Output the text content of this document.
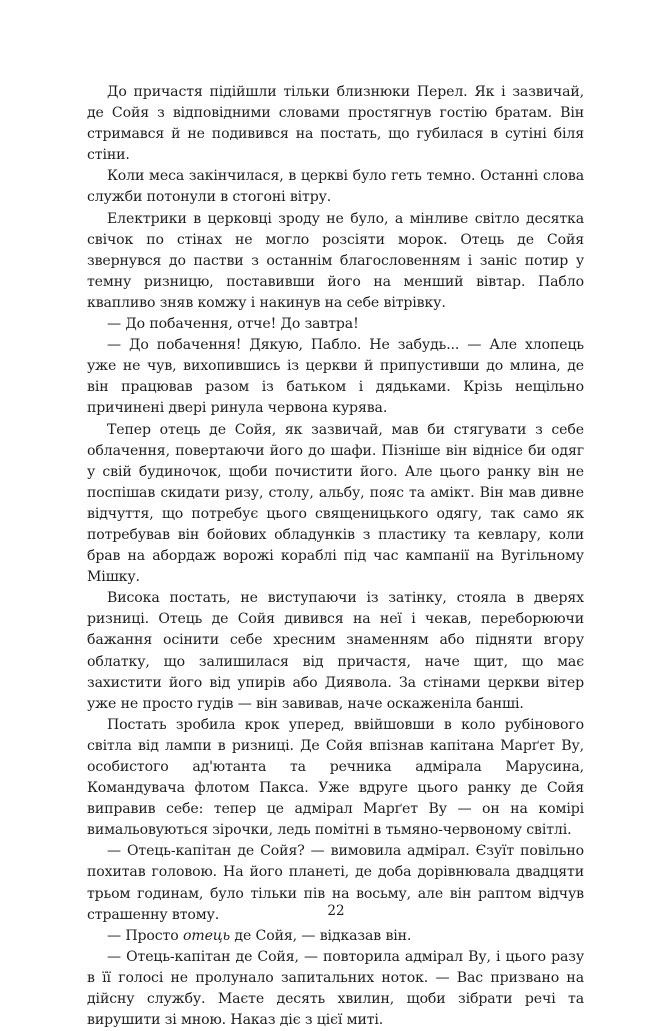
До причастя підійшли тільки близнюки Перел. Як і зазвичай, де Сойя з відповідними словами простягнув гостію братам. Він стримався й не подивився на постать, що губилася в сутіні біля стіни.

Коли меса закінчилася, в церкві було геть темно. Останні слова служби потонули в стогоні вітру.

Електрики в церковці зроду не було, а мінливе світло десятка свічок по стінах не могло розсіяти морок. Отець де Сойя звернувся до пастви з останнім благословенням і заніс потир у темну ризницю, поставивши його на менший вівтар. Пабло квапливо зняв комжу і накинув на себе вітрівку.

— До побачення, отче! До завтра!

— До побачення! Дякую, Пабло. Не забудь... — Але хлопець уже не чув, вихопившись із церкви й припустивши до млина, де він працював разом із батьком і дядьками. Крізь нещільно причинені двері ринула червона курява.

Тепер отець де Сойя, як зазвичай, мав би стягувати з себе облачення, повертаючи його до шафи. Пізніше він віднісе би одяг у свій будиночок, щоби почистити його. Але цього ранку він не поспішав скидати ризу, столу, альбу, пояс та амікт. Він мав дивне відчуття, що потребує цього священицького одягу, так само як потребував він бойових обладунків з пластику та кевлару, коли брав на абордаж ворожі кораблі під час кампанії на Вугільному Мішку.

Висока постать, не виступаючи із затінку, стояла в дверях ризниці. Отець де Сойя дивився на неї і чекав, переборюючи бажання осінити себе хресним знаменням або підняти вгору облатку, що залишилася від причастя, наче щит, що має захистити його від упирів або Диявола. За стінами церкви вітер уже не просто гудів — він завивав, наче оскаженіла банші.

Постать зробила крок уперед, ввійшовши в коло рубінового світла від лампи в ризниці. Де Сойя впізнав капітана Марґет Ву, особистого ад'ютанта та речника адмірала Марусина, Командувача флотом Пакса. Уже вдруге цього ранку де Сойя виправив себе: тепер це адмірал Марґет Ву — он на комірі вимальовуються зірочки, ледь помітні в тьмяно-червоному світлі.

— Отець-капітан де Сойя? — вимовила адмірал. Єзуїт повільно похитав головою. На його планеті, де доба дорівнювала двадцяти трьом годинам, було тільки пів на восьму, але він раптом відчув страшенну втому.

— Просто отець де Сойя, — відказав він.

— Отець-капітан де Сойя, — повторила адмірал Ву, і цього разу в її голосі не пролунало запитальних ноток. — Вас призвано на дійсну службу. Маєте десять хвилин, щоби зібрати речі та вирушити зі мною. Наказ діє з цієї миті.

22
